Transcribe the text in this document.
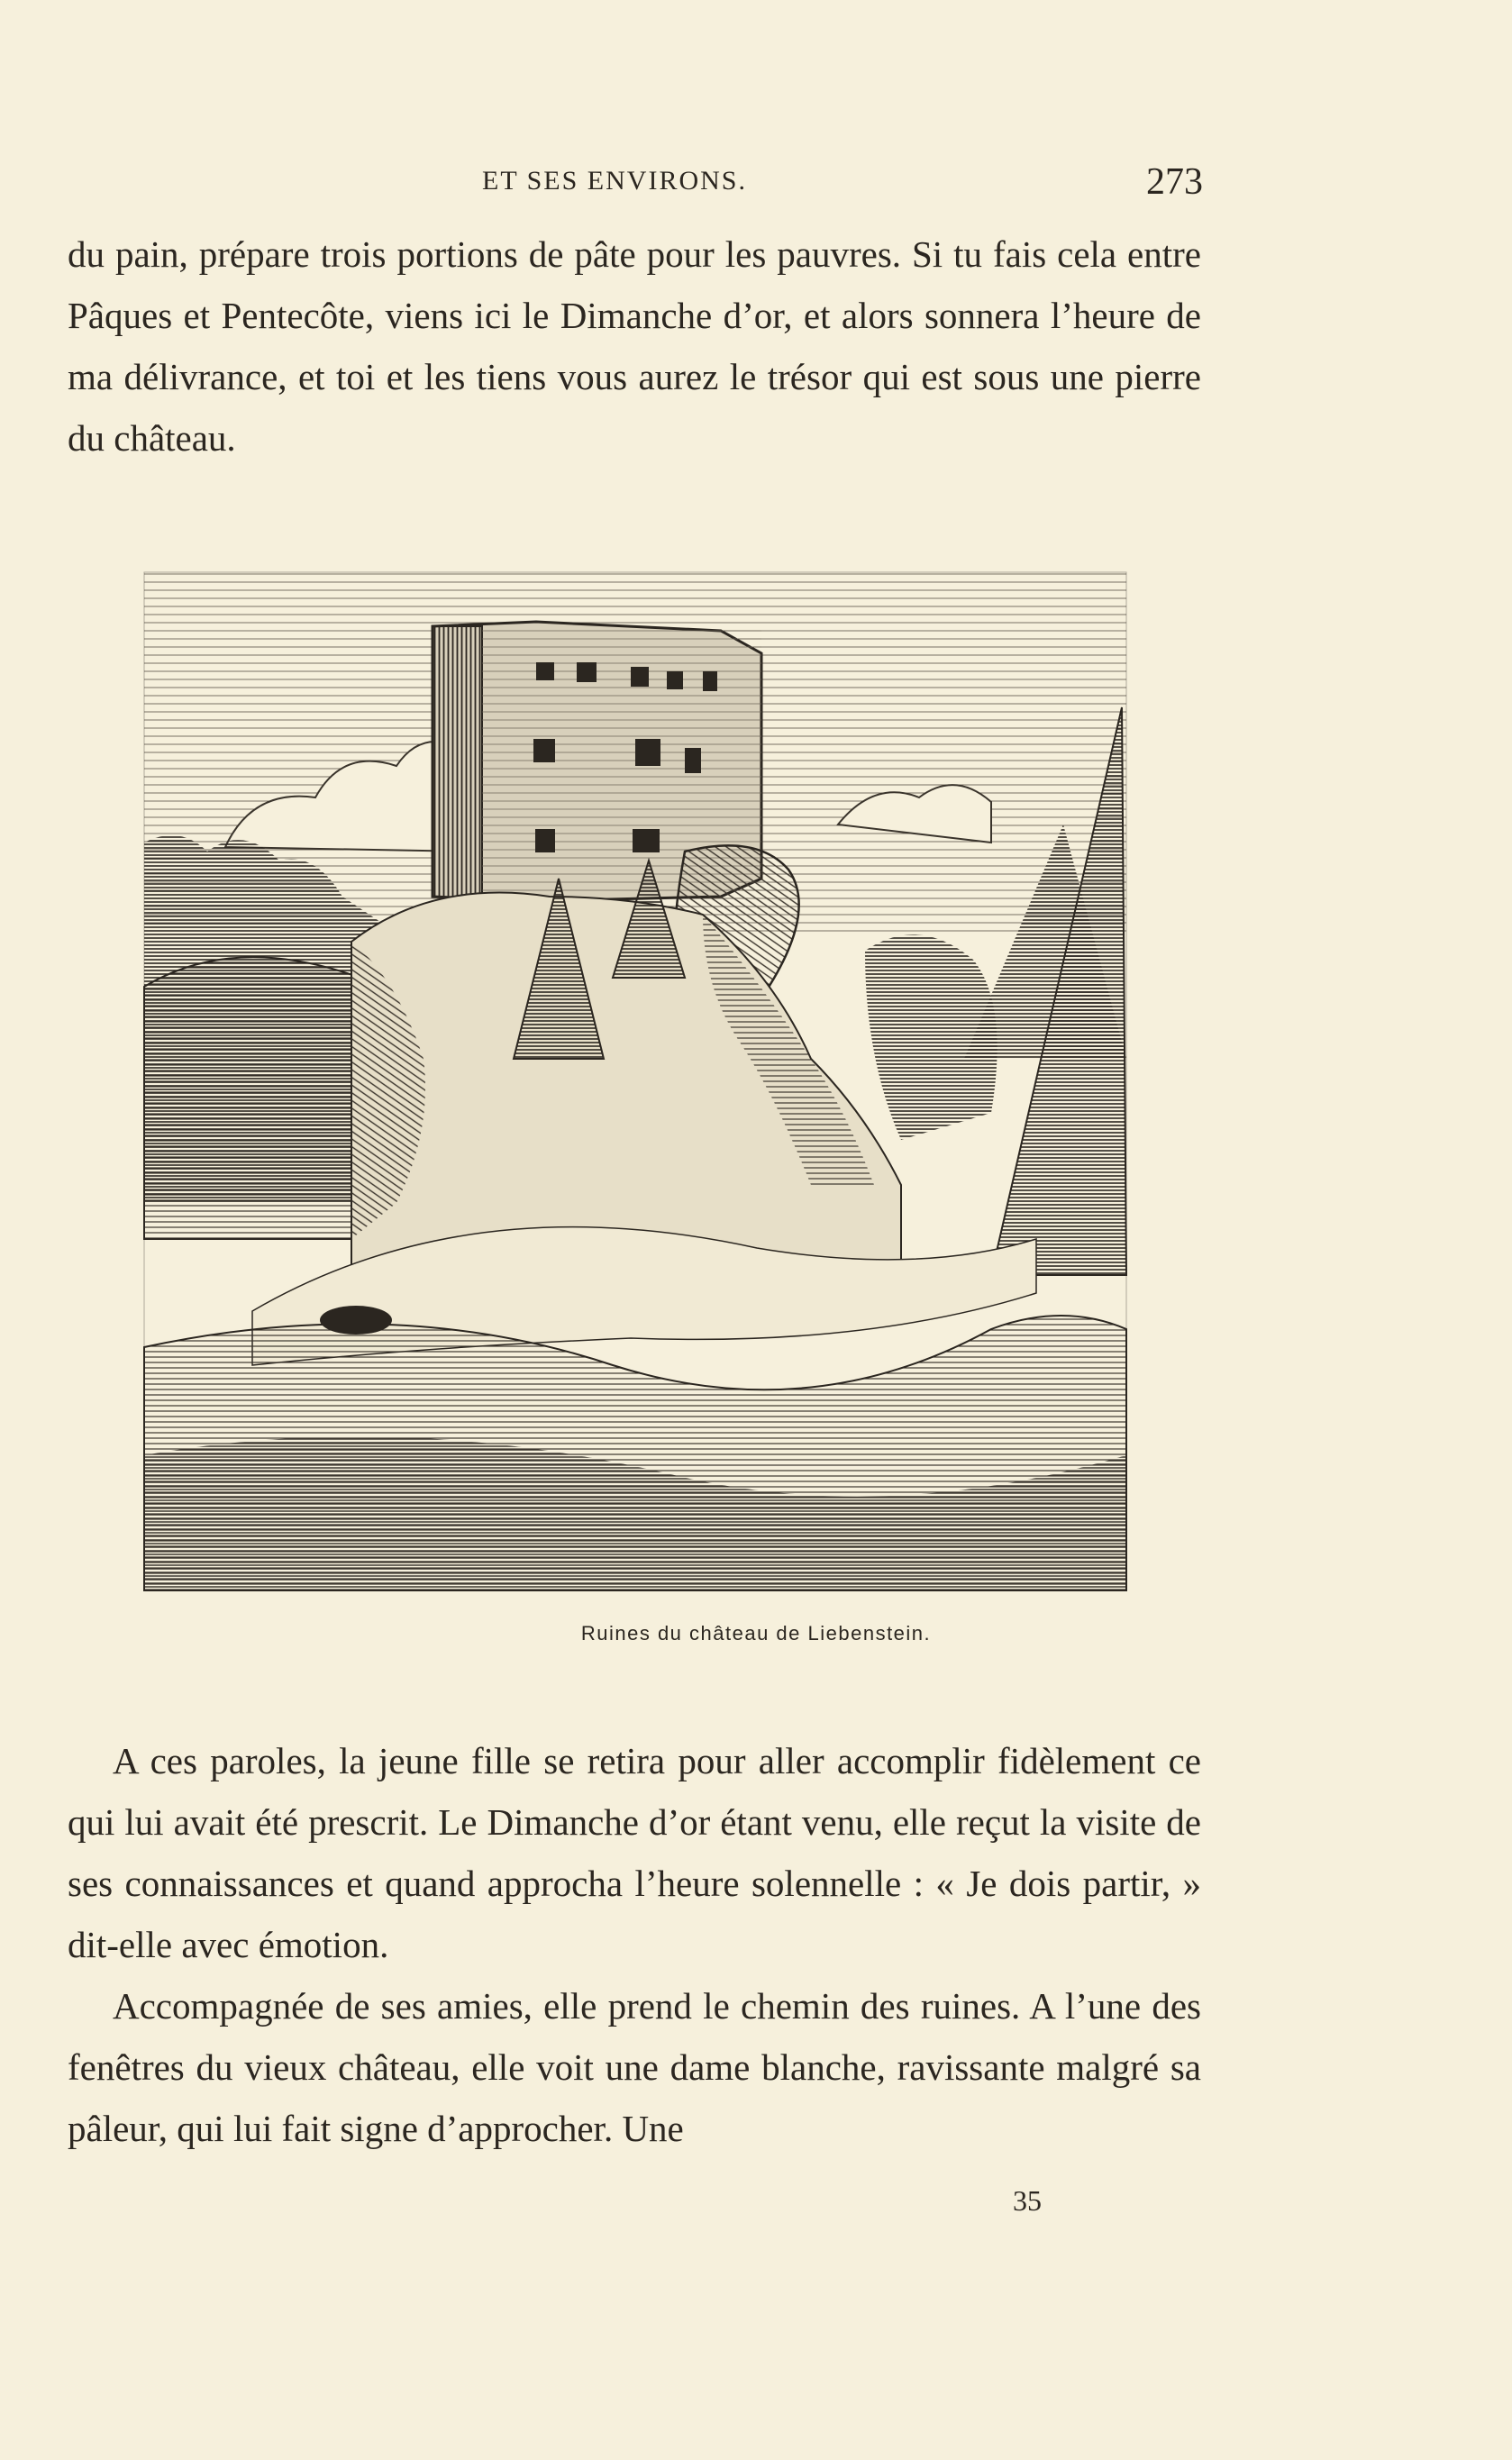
ET SES ENVIRONS.	273

du pain, prépare trois portions de pâte pour les pauvres. Si tu fais cela entre Pâques et Pentecôte, viens ici le Dimanche d’or, et alors sonnera l’heure de ma délivrance, et toi et les tiens vous aurez le trésor qui est sous une pierre du château.

Ruines du château de Liebenstein.

A ces paroles, la jeune fille se retira pour aller accomplir fidèlement ce qui lui avait été prescrit. Le Dimanche d’or étant venu, elle reçut la visite de ses connaissances et quand approcha l’heure solennelle : « Je dois partir, » dit-elle avec émotion.

Accompagnée de ses amies, elle prend le chemin des ruines. A l’une des fenêtres du vieux château, elle voit une dame blanche, ravissante malgré sa pâleur, qui lui fait signe d’approcher. Une

35
